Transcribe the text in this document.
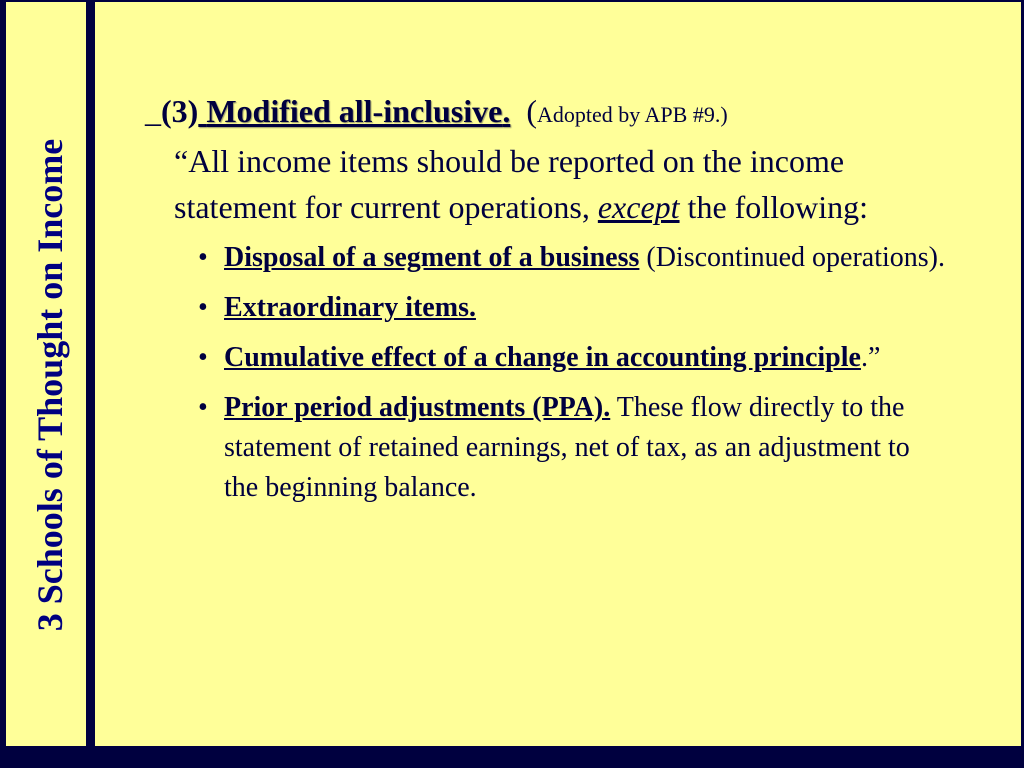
3 Schools of Thought on Income
_(3) Modified all-inclusive. (Adopted by APB #9.)
“All income items should be reported on the income statement for current operations, except the following:
• Disposal of a segment of a business (Discontinued operations).
• Extraordinary items.
• Cumulative effect of a change in accounting principle.”
• Prior period adjustments (PPA). These flow directly to the statement of retained earnings, net of tax, as an adjustment to the beginning balance.
